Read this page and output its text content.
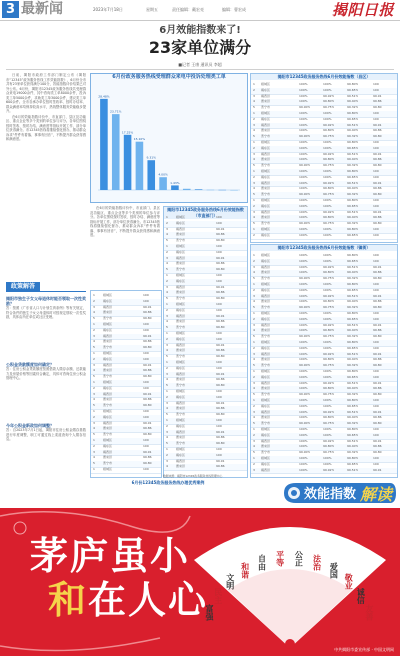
3 最新闻	2023年7月18日	星期五	责任编辑：戴宏亮	编辑：曹宏成	揭阳日报
6月效能指数来了!
23家单位满分
■记者 王康 通讯员 李超

日前，揭阳市政府工作部门制定公布《揭阳市“12345”政务服务热线工作效能指数》，6月份全市共有23家单位获得满分100分，效能指数评价结果已对外公布。6月份，揭阳市12345政务服务热线共受理群众来电19000余件，其中咨询类工单8000余件，投诉类工单5000余件，求助类工单3000余件，建议类工单600余件。全市各承办单位按时签收率、按时办结率、群众满意率均保持较高水平，热线整体服务效能稳步提升。

在6月的效能指数评价中，市直部门、县区及功能区、重点企业等多个类别的单位参与评分。各单位围绕按时签收、按时办结、满意度等指标开展工作，部分单位获得满分。市12345热线将继续强化督办，推动群众诉求“件件有着落、事事有回音”，不断提升群众获得感和满意度。

在6月的效能指数评价中，市直部门、县区及功能区、重点企业等多个类别的单位参与评分。各单位围绕按时签收、按时办结、满意度等指标开展工作，部分单位获得满分。市12345热线将继续强化督办，推动群众诉求“件件有着落、事事有回音”，不断提升群众获得感和满意度。

6月份政务服务热线受理群众来电中投诉处理类工单
28.48%
23.71%
17.25%
15.10%
9.31%
4.00%
1.43%
揭阳市12345政务服务热线6月份效能指数（市直部门）
1	榕城区	100
2	揭东区	100
3	揭西县	99.91
4	惠来县	99.86
5	普宁市	99.80
1	榕城区	100
2	揭东区	100
3	揭西县	99.91
4	惠来县	99.86
5	普宁市	99.80
1	榕城区	100
2	揭东区	100
3	揭西县	99.91
4	惠来县	99.86
5	普宁市	99.80
1	榕城区	100
2	揭东区	100
3	揭西县	99.91
4	惠来县	99.86
5	普宁市	99.80
1	榕城区	100
2	揭东区	100
3	揭西县	99.91
4	惠来县	99.86
5	普宁市	99.80
1	榕城区	100
2	揭东区	100
3	揭西县	99.91
4	惠来县	99.86
5	普宁市	99.80
1	榕城区	100
2	揭东区	100
3	揭西县	99.91
4	惠来县	99.86
5	普宁市	99.80
1	榕城区	100
2	揭东区	100
3	揭西县	99.91
4	惠来县	99.86
5	普宁市	99.80
1	榕城区	100
2	揭东区	100
3	揭西县	99.91
4	惠来县	99.86
揭阳市12345政务服务热线6月份效能指数（县区）
1 榕城区	100%	100%	99.80%	100
2 揭东区	100%	100%	99.65%	100
3 揭西县	100%	99.92%	99.51%	99.91
4 惠来县	100%	99.80%	99.40%	99.86
5 普宁市	99.90%	99.75%	99.32%	99.80
1 榕城区	100%	100%	99.80%	100
2 揭东区	100%	100%	99.65%	100
3 揭西县	100%	99.92%	99.51%	99.91
4 惠来县	100%	99.80%	99.40%	99.86
5 普宁市	99.90%	99.75%	99.32%	99.80
1 榕城区	100%	100%	99.80%	100
2 揭东区	100%	100%	99.65%	100
3 揭西县	100%	99.92%	99.51%	99.91
4 惠来县	100%	99.80%	99.40%	99.86
5 普宁市	99.90%	99.75%	99.32%	99.80
1 榕城区	100%	100%	99.80%	100
2 揭东区	100%	100%	99.65%	100
3 揭西县	100%	99.92%	99.51%	99.91
4 惠来县	100%	99.80%	99.40%	99.86
5 普宁市	99.90%	99.75%	99.32%	99.80
1 榕城区	100%	100%	99.80%	100
2 揭东区	100%	100%	99.65%	100
3 揭西县	100%	99.92%	99.51%	99.91
4 惠来县	100%	99.80%	99.40%	99.86
5 普宁市	99.90%	99.75%	99.32%	99.80
1 榕城区	100%	100%	99.80%	100
2 揭东区	100%	100%	99.65%	100
揭阳市12345政务服务热线6月份效能指数（镇街）
1 榕城区	100%	100%	99.80%	100
2 揭东区	100%	100%	99.65%	100
3 揭西县	100%	99.92%	99.51%	99.91
4 惠来县	100%	99.80%	99.40%	99.86
5 普宁市	99.90%	99.75%	99.32%	99.80
1 榕城区	100%	100%	99.80%	100
2 揭东区	100%	100%	99.65%	100
3 揭西县	100%	99.92%	99.51%	99.91
4 惠来县	100%	99.80%	99.40%	99.86
5 普宁市	99.90%	99.75%	99.32%	99.80
1 榕城区	100%	100%	99.80%	100
2 揭东区	100%	100%	99.65%	100
3 揭西县	100%	99.92%	99.51%	99.91
4 惠来县	100%	99.80%	99.40%	99.86
5 普宁市	99.90%	99.75%	99.32%	99.80
1 榕城区	100%	100%	99.80%	100
2 揭东区	100%	100%	99.65%	100
3 揭西县	100%	99.92%	99.51%	99.91
4 惠来县	100%	99.80%	99.40%	99.86
5 普宁市	99.90%	99.75%	99.32%	99.80
1 榕城区	100%	100%	99.80%	100
2 揭东区	100%	100%	99.65%	100
3 揭西县	100%	99.92%	99.51%	99.91
4 惠来县	100%	99.80%	99.40%	99.86
5 普宁市	99.90%	99.75%	99.32%	99.80
1 榕城区	100%	100%	99.80%	100
2 揭东区	100%	100%	99.65%	100
3 揭西县	100%	99.92%	99.51%	99.91
4 惠来县	100%	99.80%	99.40%	99.86
5 普宁市	99.90%	99.75%	99.32%	99.80
1 榕城区	100%	100%	99.80%	100
2 揭东区	100%	100%	99.65%	100
3 揭西县	100%	99.92%	99.51%	99.91
4 惠来县	100%	99.80%	99.40%	99.86
5 普宁市	99.90%	99.75%	99.32%	99.80
1 榕城区	100%	100%	99.80%	100
2 揭东区	100%	100%	99.65%	100
3 揭西县	100%	99.92%	99.51%	99.91
1	榕城区	100
2	揭东区	100
3	揭西县	99.91
4	惠来县	99.86
5	普宁市	99.80
1	榕城区	100
2	揭东区	100
3	揭西县	99.91
4	惠来县	99.86
5	普宁市	99.80
1	榕城区	100
2	揭东区	100
3	揭西县	99.91
4	惠来县	99.86
5	普宁市	99.80
1	榕城区	100
2	揭东区	100
3	揭西县	99.91
4	惠来县	99.86
5	普宁市	99.80
1	榕城区	100
2	揭东区	100
3	揭西县	99.91
4	惠来县	99.86
5	普宁市	99.80
1	榕城区	100
2	揭东区	100
3	揭西县	99.91
4	惠来县	99.86
5	普宁市	99.80
1	榕城区	100
6月份12345政务服务热线办理优秀案例
数据来源：揭阳市12345政务服务热线管理中心
政策解答
揭阳市独生子女父母退休时能否领取一次性奖励？
答：按照《广东省人口与计划生育条例》等有关规定，符合条件的独生子女父母退休时可按规定领取一次性奖励，具体由所在单位或社区受理。
公积金贷款额度如何确定？
答：住房公积金贷款额度按照借款人缴存余额、还款能力及房屋价格等因素综合确定，具体可咨询住房公积金管理中心。
今年公积金新政如何调整？
答：自2023年7月1日起，揭阳市住房公积金缴存基数进行年度调整，职工可通过线上渠道查询个人缴存信息。
效能指数 解读
茅庐虽小
和在人心
富强
民主
文明
和谐 自由 平等 公正 法治 爱国
敬业
诚信
友善
中共揭阳市委宣传部 · 中国文明网
